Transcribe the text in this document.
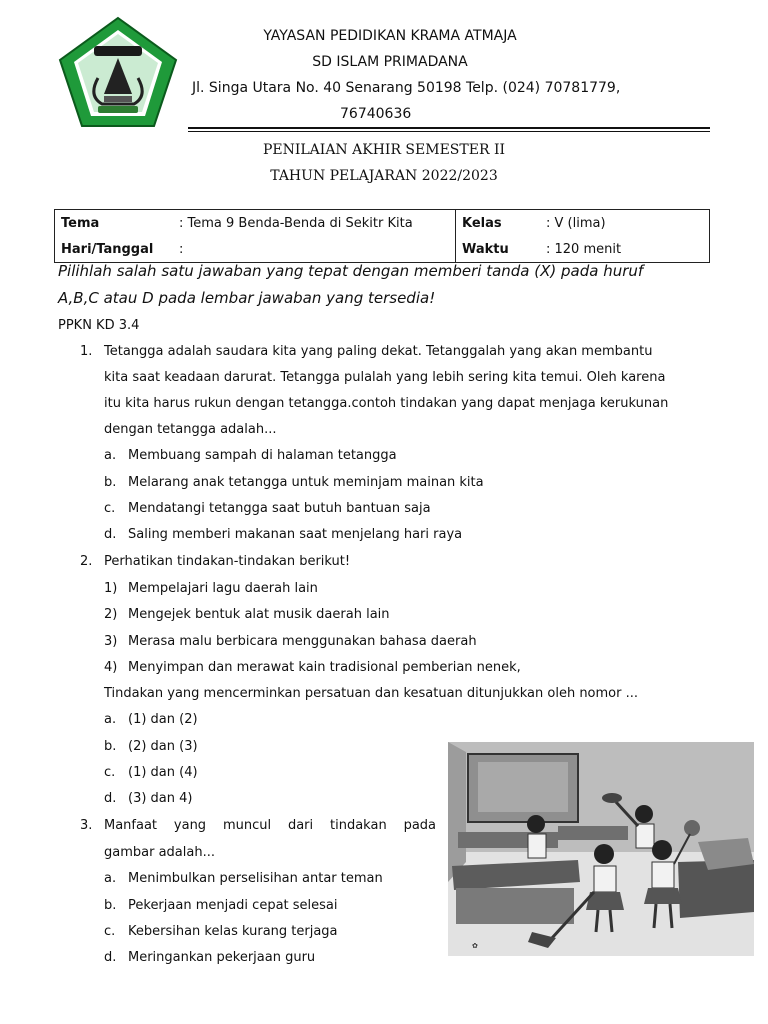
YAYASAN PEDIDIKAN KRAMA ATMAJA
SD ISLAM PRIMADANA
Jl. Singa Utara No. 40 Senarang 50198 Telp. (024) 70781779,
76740636
PENILAIAN AKHIR SEMESTER II
TAHUN PELAJARAN 2022/2023
Tema	: Tema 9 Benda-Benda di Sekitr Kita	Kelas	: V (lima)
Hari/Tanggal	:	Waktu	: 120 menit
Pilihlah salah satu jawaban yang tepat dengan memberi tanda (X) pada huruf
A,B,C atau D pada lembar jawaban yang tersedia!
PPKN KD 3.4
1. Tetangga adalah saudara kita yang paling dekat. Tetanggalah yang akan membantu
kita saat keadaan darurat. Tetangga pulalah yang lebih sering kita temui. Oleh karena
itu kita harus rukun dengan tetangga.contoh tindakan yang dapat menjaga kerukunan
dengan tetangga adalah...
a. Membuang sampah di halaman tetangga
b. Melarang anak tetangga untuk meminjam mainan kita
c. Mendatangi tetangga saat butuh bantuan saja
d. Saling memberi makanan saat menjelang hari raya
2. Perhatikan tindakan-tindakan berikut!
1) Mempelajari lagu daerah lain
2) Mengejek bentuk alat musik daerah lain
3) Merasa malu berbicara menggunakan bahasa daerah
4) Menyimpan dan merawat kain tradisional pemberian nenek,
Tindakan yang mencerminkan persatuan dan kesatuan ditunjukkan oleh nomor ...
a. (1) dan (2)
b. (2) dan (3)
c. (1) dan (4)
d. (3) dan 4)
3. Manfaat yang muncul dari tindakan pada
gambar adalah...
a. Menimbulkan perselisihan antar teman
b. Pekerjaan menjadi cepat selesai
c. Kebersihan kelas kurang terjaga
d. Meringankan pekerjaan guru
✿
